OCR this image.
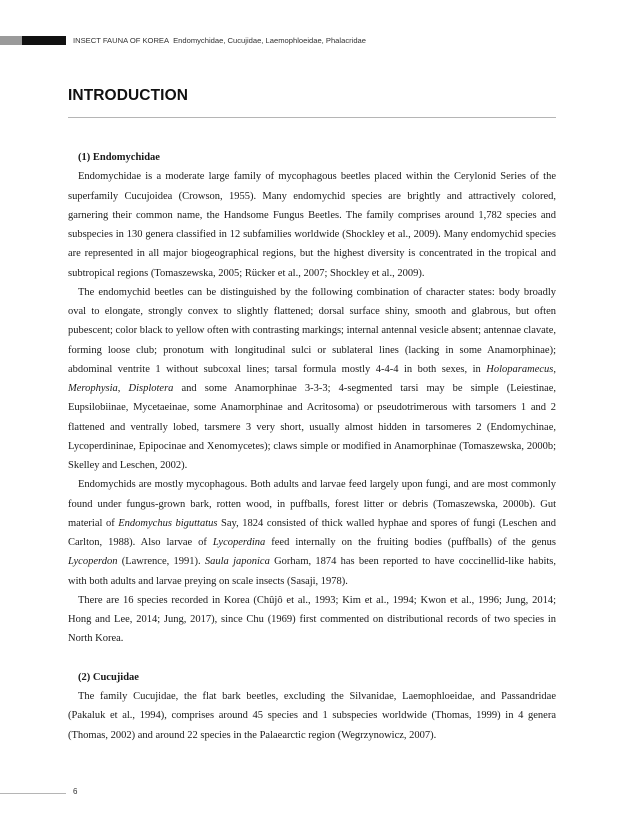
INSECT FAUNA OF KOREA Endomychidae, Cucujidae, Laemophloeidae, Phalacridae
INTRODUCTION
(1) Endomychidae

Endomychidae is a moderate large family of mycophagous beetles placed within the Cerylonid Series of the superfamily Cucujoidea (Crowson, 1955). Many endomychid species are brightly and attractively colored, garnering their common name, the Handsome Fungus Beetles. The family comprises around 1,782 species and subspecies in 130 genera classified in 12 subfamilies worldwide (Shockley et al., 2009). Many endomychid species are represented in all major biogeographical regions, but the highest diversity is concentrated in the tropical and subtropical regions (Tomaszewska, 2005; Rücker et al., 2007; Shockley et al., 2009).

The endomychid beetles can be distinguished by the following combination of character states: body broadly oval to elongate, strongly convex to slightly flattened; dorsal surface shiny, smooth and glabrous, but often pubescent; color black to yellow often with contrasting markings; internal antennal vesicle absent; antennae clavate, forming loose club; pronotum with longitudinal sulci or sublateral lines (lacking in some Anamorphinae); abdominal ventrite 1 without subcoxal lines; tarsal formula mostly 4-4-4 in both sexes, in Holoparamecus, Merophysia, Displotera and some Anamorphinae 3-3-3; 4-segmented tarsi may be simple (Leiestinae, Eupsilobiinae, Mycetaeinae, some Anamorphinae and Acritosoma) or pseudotrimerous with tarsomers 1 and 2 flattened and ventrally lobed, tarsmere 3 very short, usually almost hidden in tarsomeres 2 (Endomychinae, Lycoperdininae, Epipocinae and Xenomycetes); claws simple or modified in Anamorphinae (Tomaszewska, 2000b; Skelley and Leschen, 2002).

Endomychids are mostly mycophagous. Both adults and larvae feed largely upon fungi, and are most commonly found under fungus-grown bark, rotten wood, in puffballs, forest litter or debris (Tomaszewska, 2000b). Gut material of Endomychus biguttatus Say, 1824 consisted of thick walled hyphae and spores of fungi (Leschen and Carlton, 1988). Also larvae of Lycoperdina feed internally on the fruiting bodies (puffballs) of the genus Lycoperdon (Lawrence, 1991). Saula japonica Gorham, 1874 has been reported to have coccinellid-like habits, with both adults and larvae preying on scale insects (Sasaji, 1978).

There are 16 species recorded in Korea (Chûjô et al., 1993; Kim et al., 1994; Kwon et al., 1996; Jung, 2014; Hong and Lee, 2014; Jung, 2017), since Chu (1969) first commented on distributional records of two species in North Korea.

(2) Cucujidae

The family Cucujidae, the flat bark beetles, excluding the Silvanidae, Laemophloeidae, and Passandridae (Pakaluk et al., 1994), comprises around 45 species and 1 subspecies worldwide (Thomas, 1999) in 4 genera (Thomas, 2002) and around 22 species in the Palaearctic region (Wegrzynowicz, 2007).

6
